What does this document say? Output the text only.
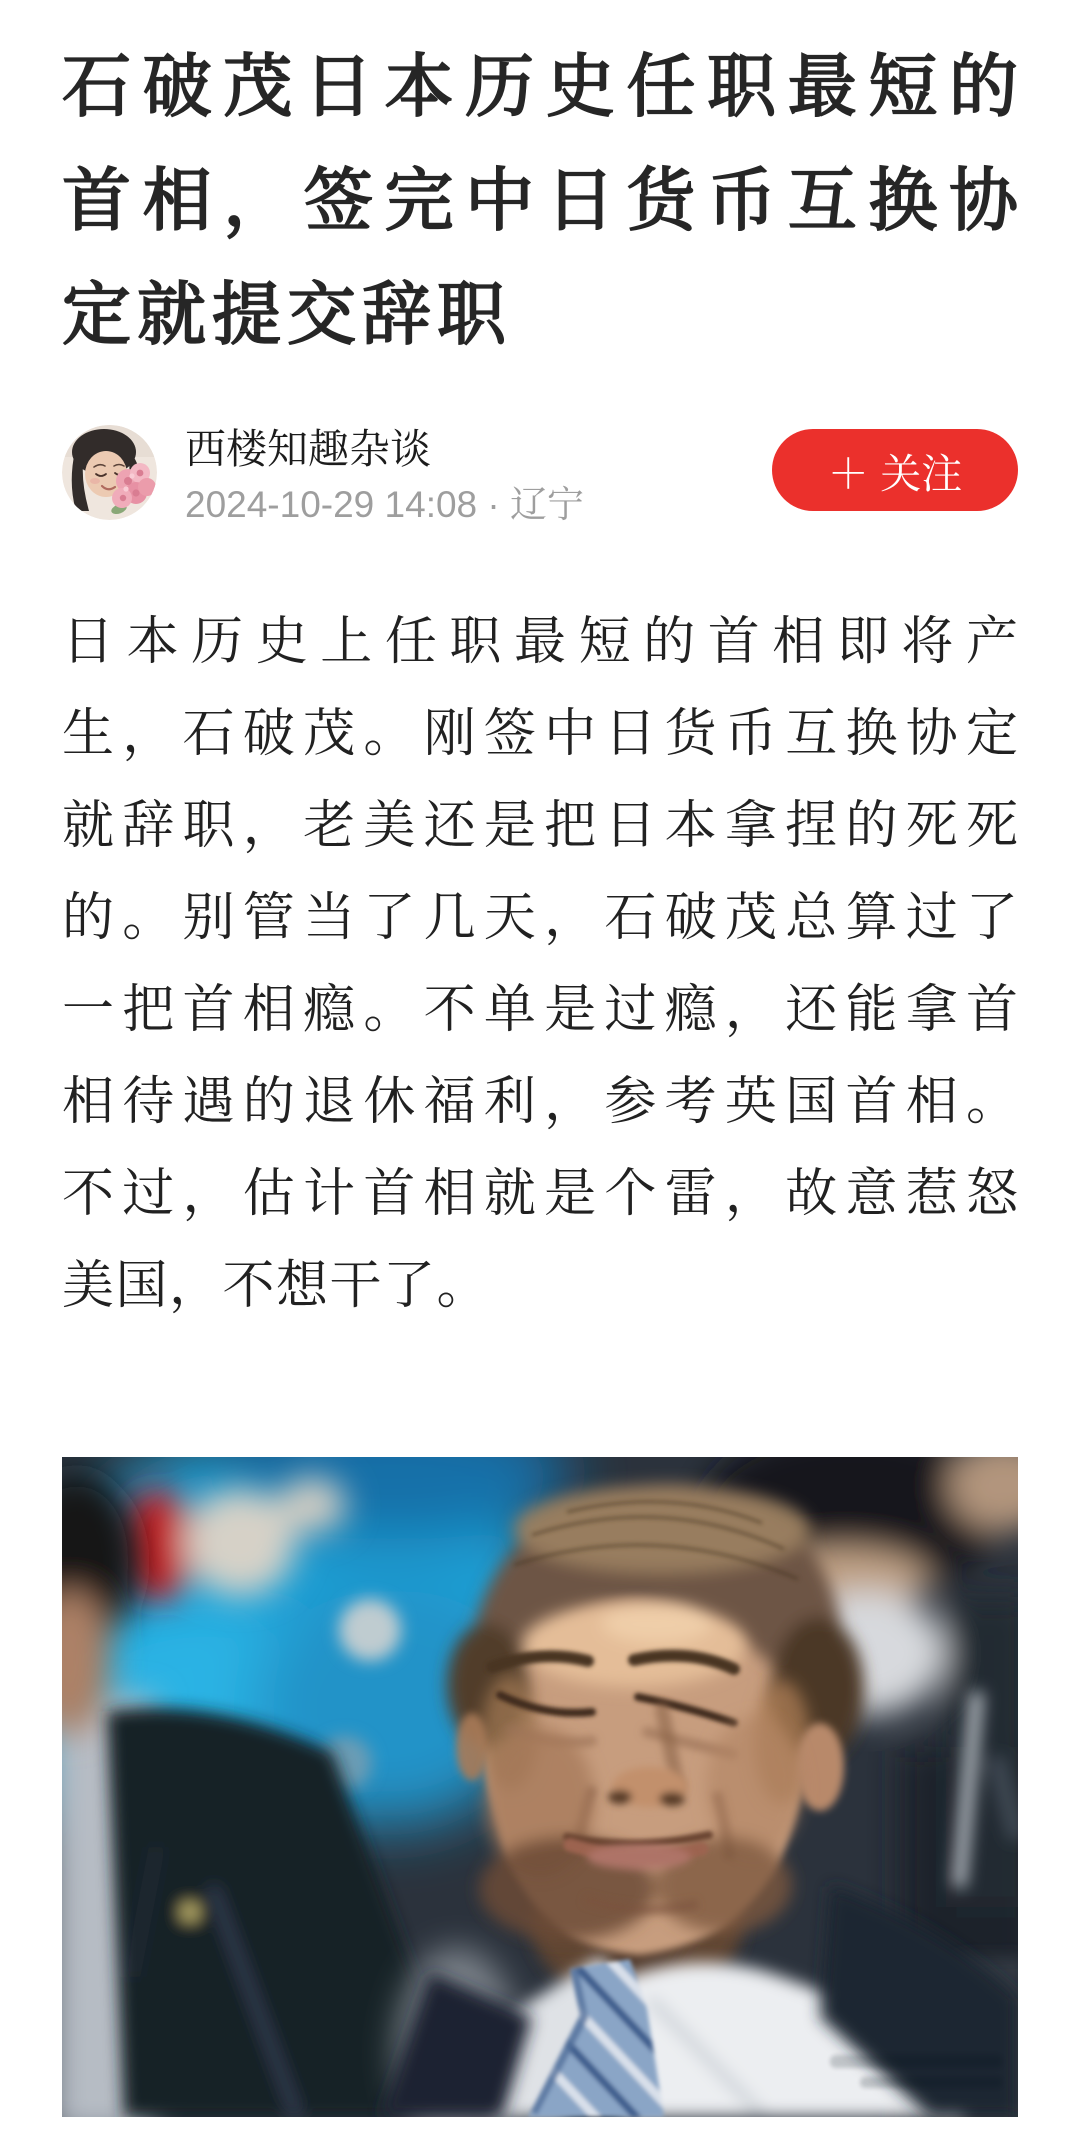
石破茂日本历史任职最短的
首相，签完中日货币互换协
定就提交辞职
西楼知趣杂谈
2024-10-29 14:08 · 辽宁
＋ 关注
日本历史上任职最短的首相即将产
生，石破茂。刚签中日货币互换协定
就辞职，老美还是把日本拿捏的死死
的。别管当了几天，石破茂总算过了
一把首相瘾。不单是过瘾，还能拿首
相待遇的退休福利，参考英国首相。
不过，估计首相就是个雷，故意惹怒
美国，不想干了。
